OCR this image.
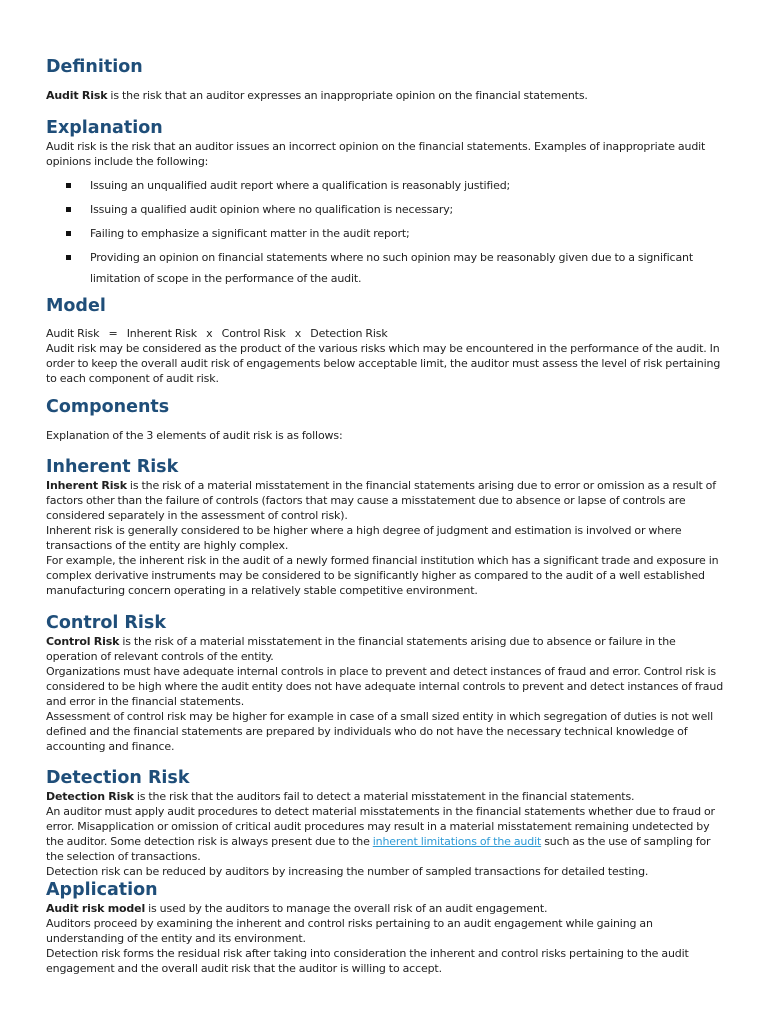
Definition

Audit Risk is the risk that an auditor expresses an inappropriate opinion on the financial statements.

Explanation

Audit risk is the risk that an auditor issues an incorrect opinion on the financial statements. Examples of inappropriate audit opinions include the following:

Issuing an unqualified audit report where a qualification is reasonably justified;
Issuing a qualified audit opinion where no qualification is necessary;
Failing to emphasize a significant matter in the audit report;
Providing an opinion on financial statements where no such opinion may be reasonably given due to a significant limitation of scope in the performance of the audit.
Model

Audit Risk   =   Inherent Risk   x   Control Risk   x   Detection Risk

Audit risk may be considered as the product of the various risks which may be encountered in the performance of the audit. In order to keep the overall audit risk of engagements below acceptable limit, the auditor must assess the level of risk pertaining to each component of audit risk.

Components

Explanation of the 3 elements of audit risk is as follows:

Inherent Risk

Inherent Risk is the risk of a material misstatement in the financial statements arising due to error or omission as a result of factors other than the failure of controls (factors that may cause a misstatement due to absence or lapse of controls are considered separately in the assessment of control risk).

Inherent risk is generally considered to be higher where a high degree of judgment and estimation is involved or where transactions of the entity are highly complex.

For example, the inherent risk in the audit of a newly formed financial institution which has a significant trade and exposure in complex derivative instruments may be considered to be significantly higher as compared to the audit of a well established manufacturing concern operating in a relatively stable competitive environment.

Control Risk

Control Risk is the risk of a material misstatement in the financial statements arising due to absence or failure in the operation of relevant controls of the entity.

Organizations must have adequate internal controls in place to prevent and detect instances of fraud and error. Control risk is considered to be high where the audit entity does not have adequate internal controls to prevent and detect instances of fraud and error in the financial statements.

Assessment of control risk may be higher for example in case of a small sized entity in which segregation of duties is not well defined and the financial statements are prepared by individuals who do not have the necessary technical knowledge of accounting and finance.

Detection Risk

Detection Risk is the risk that the auditors fail to detect a material misstatement in the financial statements.

An auditor must apply audit procedures to detect material misstatements in the financial statements whether due to fraud or error. Misapplication or omission of critical audit procedures may result in a material misstatement remaining undetected by the auditor. Some detection risk is always present due to the inherent limitations of the audit such as the use of sampling for the selection of transactions.

Detection risk can be reduced by auditors by increasing the number of sampled transactions for detailed testing.

Application

Audit risk model is used by the auditors to manage the overall risk of an audit engagement.

Auditors proceed by examining the inherent and control risks pertaining to an audit engagement while gaining an understanding of the entity and its environment.

Detection risk forms the residual risk after taking into consideration the inherent and control risks pertaining to the audit engagement and the overall audit risk that the auditor is willing to accept.
